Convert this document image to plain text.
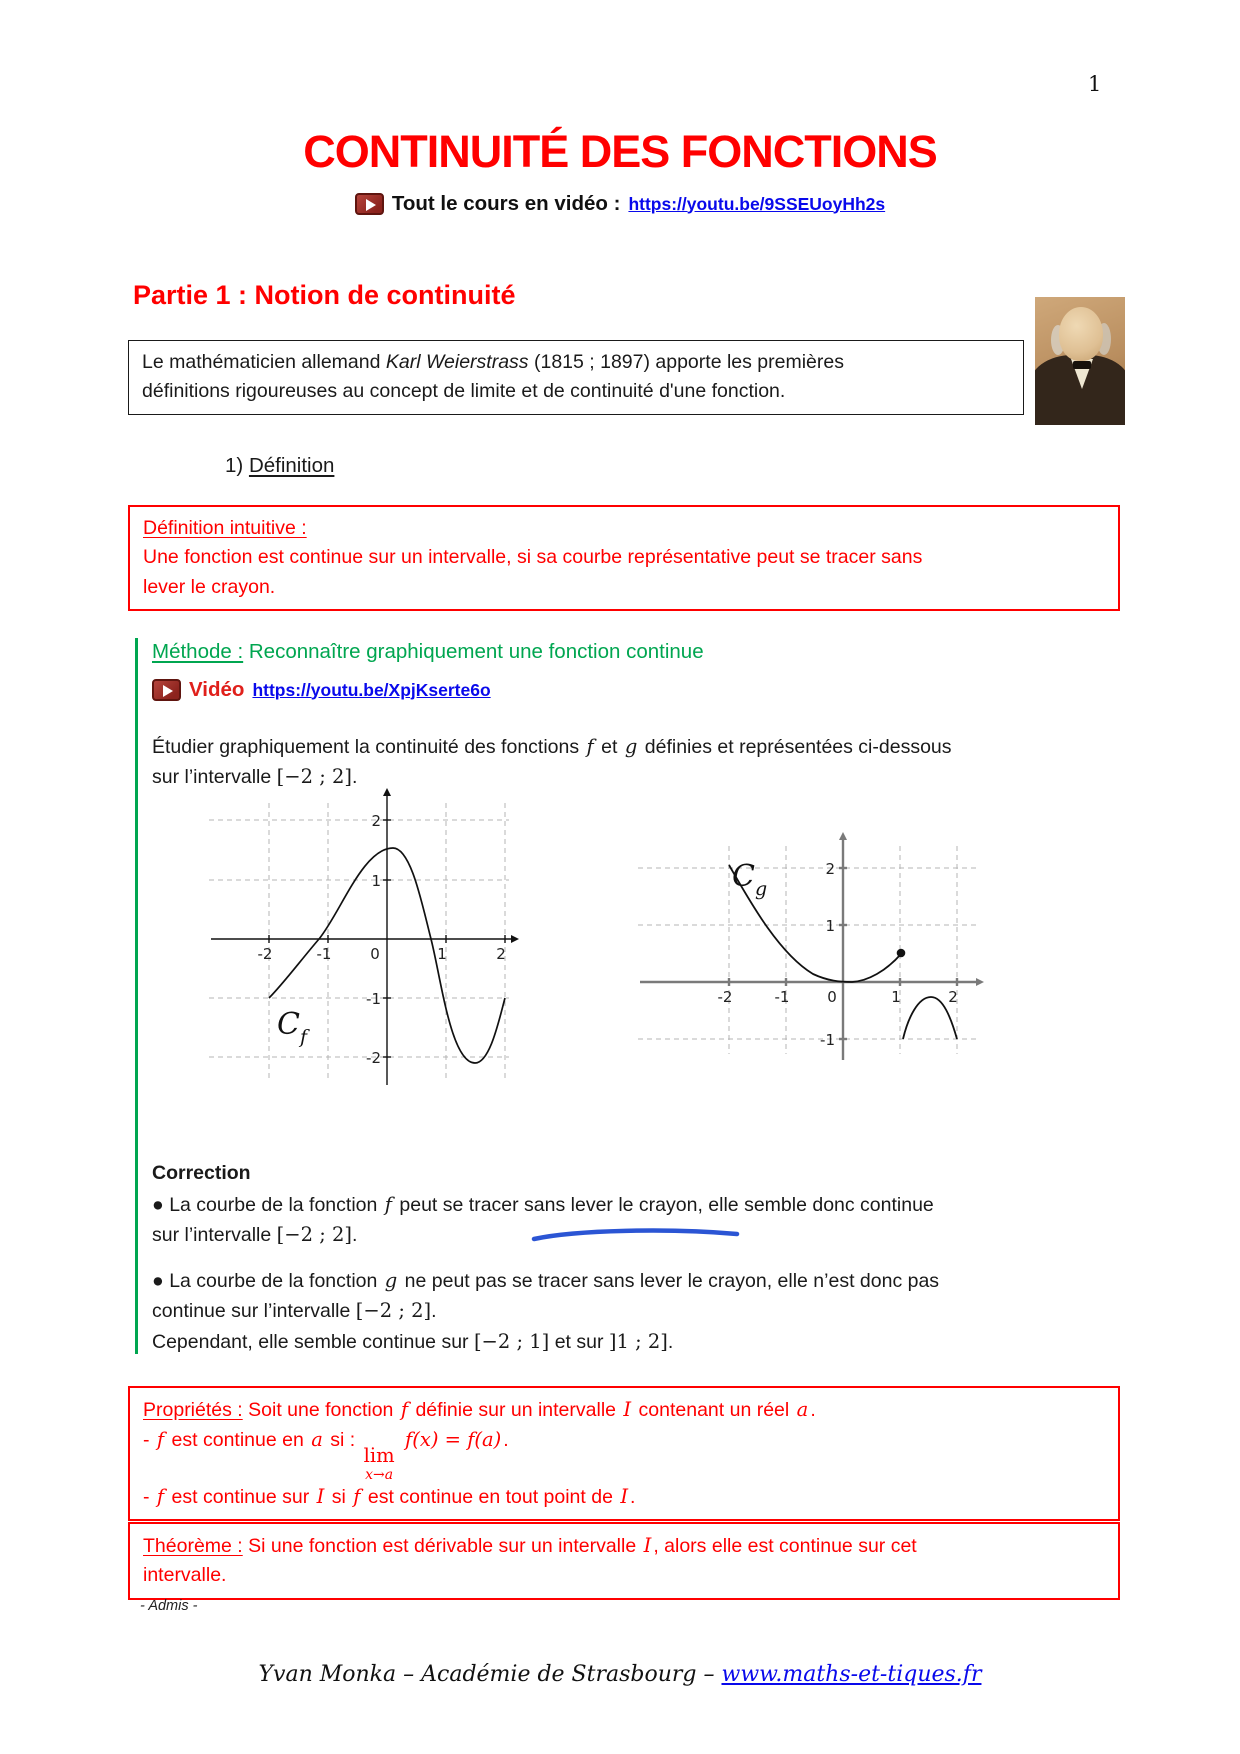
1
CONTINUITÉ DES FONCTIONS
Tout le cours en vidéo : https://youtu.be/9SSEUoyHh2s
Partie 1 : Notion de continuité
Le mathématicien allemand Karl Weierstrass (1815 ; 1897) apporte les premières
définitions rigoureuses au concept de limite et de continuité d'une fonction.
1) Définition
Définition intuitive :
Une fonction est continue sur un intervalle, si sa courbe représentative peut se tracer sans
lever le crayon.
Méthode : Reconnaître graphiquement une fonction continue
Vidéo https://youtu.be/XpjKserte6o
Étudier graphiquement la continuité des fonctions f et g définies et représentées ci-dessous
sur l’intervalle [−2 ; 2].
-2	-1	0	1	2
2
1
-1
-2
$C_f$
-2	-1	0	1	2
2
1
-1
$C_g$
Correction
● La courbe de la fonction f peut se tracer sans lever le crayon, elle semble donc continue
sur l’intervalle [−2 ; 2].
● La courbe de la fonction g ne peut pas se tracer sans lever le crayon, elle n’est donc pas
continue sur l’intervalle [−2 ; 2].
Cependant, elle semble continue sur [−2 ; 1] et sur ]1 ; 2].
Propriétés : Soit une fonction f définie sur un intervalle I contenant un réel a .
- f est continue en a si :
lim
x→a
f(x) = f(a) .
- f est continue sur I si f est continue en tout point de I .
Théorème : Si une fonction est dérivable sur un intervalle I , alors elle est continue sur cet
intervalle.
- Admis -
Yvan Monka – Académie de Strasbourg – www.maths-et-tiques.fr
